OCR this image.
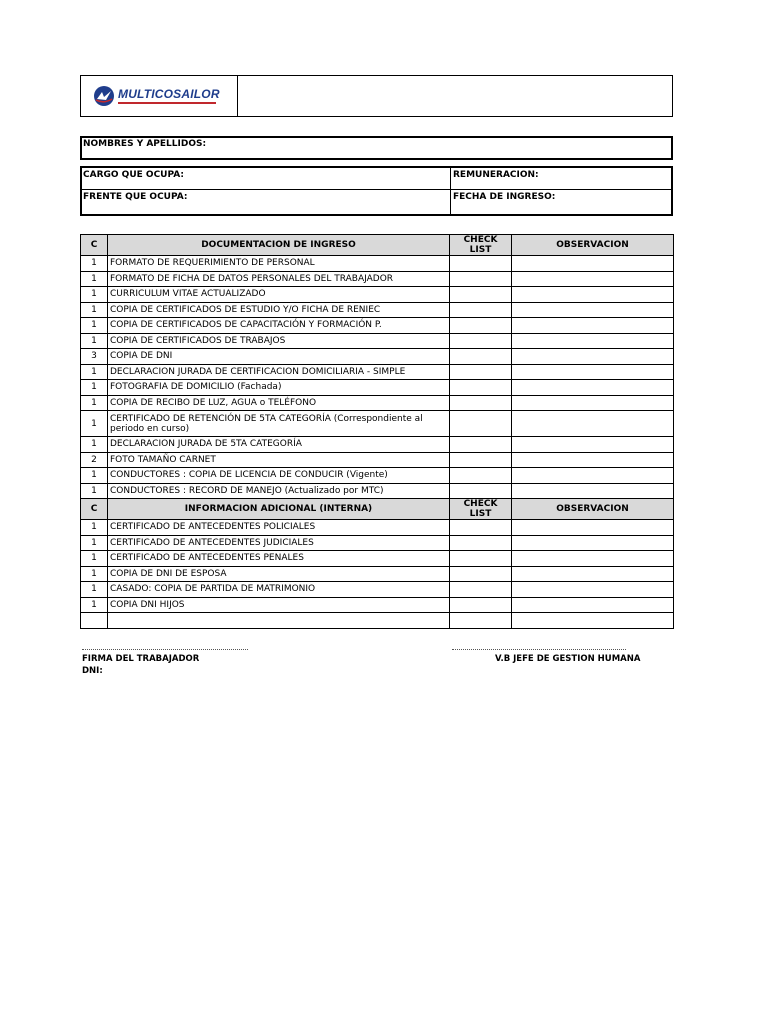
MULTICOSAILOR
NOMBRES Y APELLIDOS:
CARGO QUE OCUPA:	REMUNERACION:
FRENTE QUE OCUPA:	FECHA DE INGRESO:
C	DOCUMENTACION DE INGRESO	CHECK LIST	OBSERVACION
1	FORMATO DE REQUERIMIENTO DE PERSONAL		
1	FORMATO DE FICHA DE DATOS PERSONALES DEL TRABAJADOR		
1	CURRICULUM VITAE ACTUALIZADO		
1	COPIA DE CERTIFICADOS DE ESTUDIO Y/O FICHA DE RENIEC		
1	COPIA DE CERTIFICADOS DE CAPACITACIÓN Y FORMACIÓN P.		
1	COPIA DE CERTIFICADOS DE TRABAJOS		
3	COPIA DE DNI		
1	DECLARACION JURADA DE CERTIFICACION DOMICILIARIA - SIMPLE		
1	FOTOGRAFIA DE DOMICILIO (Fachada)		
1	COPIA DE RECIBO DE LUZ, AGUA o TELÉFONO		
1	CERTIFICADO DE RETENCIÓN DE 5TA CATEGORÍA (Correspondiente al periodo en curso)		
1	DECLARACION JURADA DE 5TA CATEGORÍA		
2	FOTO TAMAÑO CARNET		
1	CONDUCTORES : COPIA DE LICENCIA DE CONDUCIR (Vigente)		
1	CONDUCTORES : RECORD DE MANEJO (Actualizado por MTC)		
C	INFORMACION ADICIONAL (INTERNA)	CHECK LIST	OBSERVACION
1	CERTIFICADO DE ANTECEDENTES POLICIALES		
1	CERTIFICADO DE ANTECEDENTES JUDICIALES		
1	CERTIFICADO DE ANTECEDENTES PENALES		
1	COPIA DE DNI DE ESPOSA		
1	CASADO: COPIA DE PARTIDA DE MATRIMONIO		
1	COPIA DNI HIJOS		

FIRMA DEL TRABAJADOR
DNI:
V.B JEFE DE GESTION HUMANA
